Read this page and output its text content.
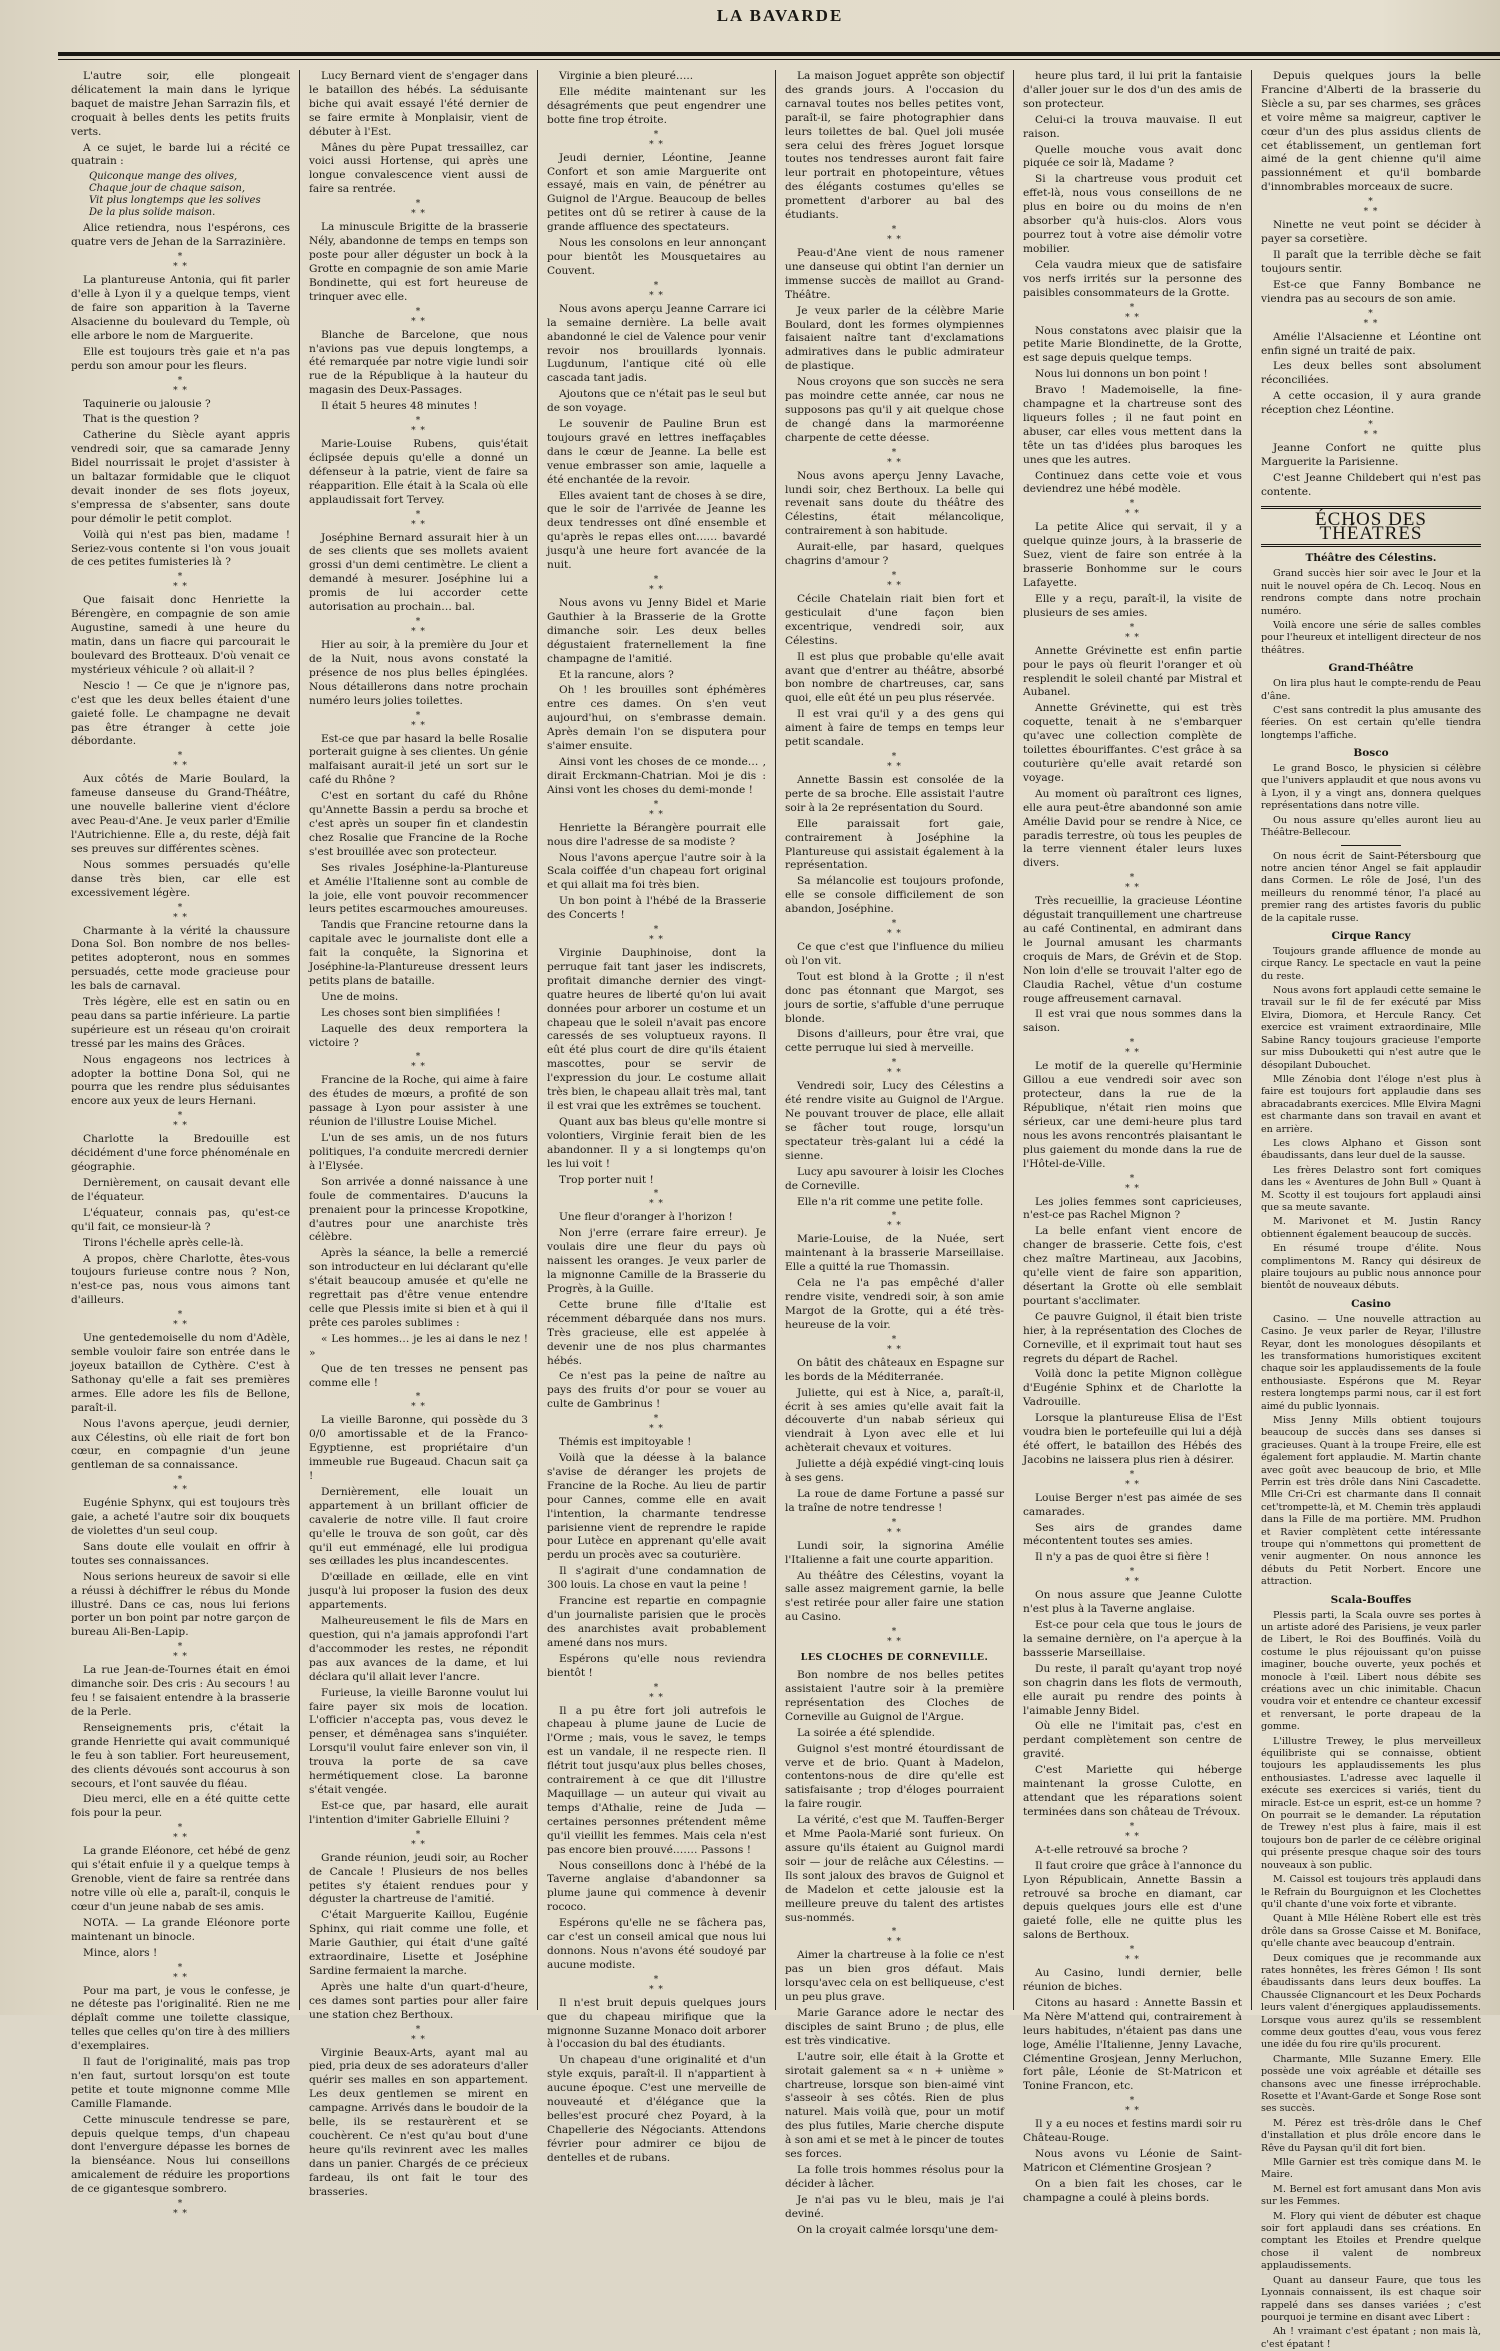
LA BAVARDE

L'autre soir, elle plongeait délicatement la main dans le lyrique baquet de maistre Jehan Sarrazin fils, et croquait à belles dents les petits fruits verts.

A ce sujet, le barde lui a récité ce quatrain :

Quiconque mange des olives,
Chaque jour de chaque saison,
Vit plus longtemps que les solives
De la plus solide maison.

Alice retiendra, nous l'espérons, ces quatre vers de Jehan de la Sarrazinière.

*
* *

La plantureuse Antonia, qui fit parler d'elle à Lyon il y a quelque temps, vient de faire son apparition à la Taverne Alsacienne du boulevard du Temple, où elle arbore le nom de Marguerite.

Elle est toujours très gaie et n'a pas perdu son amour pour les fleurs.

*
* *

Taquinerie ou jalousie ?

That is the question ?

Catherine du Siècle ayant appris vendredi soir, que sa camarade Jenny Bidel nourrissait le projet d'assister à un baltazar formidable que le cliquot devait inonder de ses flots joyeux, s'empressa de s'absenter, sans doute pour démolir le petit complot.

Voilà qui n'est pas bien, madame ! Seriez-vous contente si l'on vous jouait de ces petites fumisteries là ?

*
* *

Que faisait donc Henriette la Bérengère, en compagnie de son amie Augustine, samedi à une heure du matin, dans un fiacre qui parcourait le boulevard des Brotteaux. D'où venait ce mystérieux véhicule ? où allait-il ?

Nescio ! — Ce que je n'ignore pas, c'est que les deux belles étaient d'une gaieté folle. Le champagne ne devait pas être étranger à cette joie débordante.

*
* *

Aux côtés de Marie Boulard, la fameuse danseuse du Grand-Théâtre, une nouvelle ballerine vient d'éclore avec Peau-d'Ane. Je veux parler d'Emilie l'Autrichienne. Elle a, du reste, déjà fait ses preuves sur différentes scènes.

Nous sommes persuadés qu'elle danse très bien, car elle est excessivement légère.

*
* *

Charmante à la vérité la chaussure Dona Sol. Bon nombre de nos belles-petites adopteront, nous en sommes persuadés, cette mode gracieuse pour les bals de carnaval.

Très légère, elle est en satin ou en peau dans sa partie inférieure. La partie supérieure est un réseau qu'on croirait tressé par les mains des Grâces.

Nous engageons nos lectrices à adopter la bottine Dona Sol, qui ne pourra que les rendre plus séduisantes encore aux yeux de leurs Hernani.

*
* *

Charlotte la Bredouille est décidément d'une force phénoménale en géographie.

Dernièrement, on causait devant elle de l'équateur.

L'équateur, connais pas, qu'est-ce qu'il fait, ce monsieur-là ?

Tirons l'échelle après celle-là.

A propos, chère Charlotte, êtes-vous toujours furieuse contre nous ? Non, n'est-ce pas, nous vous aimons tant d'ailleurs.

*
* *

Une gentedemoiselle du nom d'Adèle, semble vouloir faire son entrée dans le joyeux bataillon de Cythère. C'est à Sathonay qu'elle a fait ses premières armes. Elle adore les fils de Bellone, paraît-il.

Nous l'avons aperçue, jeudi dernier, aux Célestins, où elle riait de fort bon cœur, en compagnie d'un jeune gentleman de sa connaissance.

*
* *

Eugénie Sphynx, qui est toujours très gaie, a acheté l'autre soir dix bouquets de violettes d'un seul coup.

Sans doute elle voulait en offrir à toutes ses connaissances.

Nous serions heureux de savoir si elle a réussi à déchiffrer le rébus du Monde illustré. Dans ce cas, nous lui ferions porter un bon point par notre garçon de bureau Ali-Ben-Lapip.

*
* *

La rue Jean-de-Tournes était en émoi dimanche soir. Des cris : Au secours ! au feu ! se faisaient entendre à la brasserie de la Perle.

Renseignements pris, c'était la grande Henriette qui avait communiqué le feu à son tablier. Fort heureusement, des clients dévoués sont accourus à son secours, et l'ont sauvée du fléau.

Dieu merci, elle en a été quitte cette fois pour la peur.

*
* *

La grande Eléonore, cet hébé de genz qui s'était enfuie il y a quelque temps à Grenoble, vient de faire sa rentrée dans notre ville où elle a, paraît-il, conquis le cœur d'un jeune nabab de ses amis.

NOTA. — La grande Eléonore porte maintenant un binocle.

Mince, alors !

*
* *

Pour ma part, je vous le confesse, je ne déteste pas l'originalité. Rien ne me déplaît comme une toilette classique, telles que celles qu'on tire à des milliers d'exemplaires.

Il faut de l'originalité, mais pas trop n'en faut, surtout lorsqu'on est toute petite et toute mignonne comme Mlle Camille Flamande.

Cette minuscule tendresse se pare, depuis quelque temps, d'un chapeau dont l'envergure dépasse les bornes de la bienséance. Nous lui conseillons amicalement de réduire les proportions de ce gigantesque sombrero.

*
* *

Lucy Bernard vient de s'engager dans le bataillon des hébés. La séduisante biche qui avait essayé l'été dernier de se faire ermite à Monplaisir, vient de débuter à l'Est.

Mânes du père Pupat tressaillez, car voici aussi Hortense, qui après une longue convalescence vient aussi de faire sa rentrée.

*
* *

La minuscule Brigitte de la brasserie Nély, abandonne de temps en temps son poste pour aller déguster un bock à la Grotte en compagnie de son amie Marie Bondinette, qui est fort heureuse de trinquer avec elle.

*
* *

Blanche de Barcelone, que nous n'avions pas vue depuis longtemps, a été remarquée par notre vigie lundi soir rue de la République à la hauteur du magasin des Deux-Passages.

Il était 5 heures 48 minutes !

*
* *

Marie-Louise Rubens, quis'était éclipsée depuis qu'elle a donné un défenseur à la patrie, vient de faire sa réapparition. Elle était à la Scala où elle applaudissait fort Tervey.

*
* *

Joséphine Bernard assurait hier à un de ses clients que ses mollets avaient grossi d'un demi centimètre. Le client a demandé à mesurer. Joséphine lui a promis de lui accorder cette autorisation au prochain… bal.

*
* *

Hier au soir, à la première du Jour et de la Nuit, nous avons constaté la présence de nos plus belles épinglées. Nous détaillerons dans notre prochain numéro leurs jolies toilettes.

*
* *

Est-ce que par hasard la belle Rosalie porterait guigne à ses clientes. Un génie malfaisant aurait-il jeté un sort sur le café du Rhône ?

C'est en sortant du café du Rhône qu'Annette Bassin a perdu sa broche et c'est après un souper fin et clandestin chez Rosalie que Francine de la Roche s'est brouillée avec son protecteur.

Ses rivales Joséphine-la-Plantureuse et Amélie l'Italienne sont au comble de la joie, elle vont pouvoir recommencer leurs petites escarmouches amoureuses.

Tandis que Francine retourne dans la capitale avec le journaliste dont elle a fait la conquête, la Signorina et Joséphine-la-Plantureuse dressent leurs petits plans de bataille.

Une de moins.

Les choses sont bien simplifiées !

Laquelle des deux remportera la victoire ?

*
* *

Francine de la Roche, qui aime à faire des études de mœurs, a profité de son passage à Lyon pour assister à une réunion de l'illustre Louise Michel.

L'un de ses amis, un de nos futurs politiques, l'a conduite mercredi dernier à l'Elysée.

Son arrivée a donné naissance à une foule de commentaires. D'aucuns la prenaient pour la princesse Kropotkine, d'autres pour une anarchiste très célèbre.

Après la séance, la belle a remercié son introducteur en lui déclarant qu'elle s'était beaucoup amusée et qu'elle ne regrettait pas d'être venue entendre celle que Plessis imite si bien et à qui il prête ces paroles sublimes :

« Les hommes… je les ai dans le nez ! »

Que de ten tresses ne pensent pas comme elle !

*
* *

La vieille Baronne, qui possède du 3 0/0 amortissable et de la Franco-Egyptienne, est propriétaire d'un immeuble rue Bugeaud. Chacun sait ça !

Dernièrement, elle louait un appartement à un brillant officier de cavalerie de notre ville. Il faut croire qu'elle le trouva de son goût, car dès qu'il eut emménagé, elle lui prodigua ses œillades les plus incandescentes.

D'œillade en œillade, elle en vint jusqu'à lui proposer la fusion des deux appartements.

Malheureusement le fils de Mars en question, qui n'a jamais approfondi l'art d'accommoder les restes, ne répondit pas aux avances de la dame, et lui déclara qu'il allait lever l'ancre.

Furieuse, la vieille Baronne voulut lui faire payer six mois de location. L'officier n'accepta pas, vous devez le penser, et démênagea sans s'inquiéter. Lorsqu'il voulut faire enlever son vin, il trouva la porte de sa cave hermétiquement close. La baronne s'était vengée.

Est-ce que, par hasard, elle aurait l'intention d'imiter Gabrielle Elluini ?

*
* *

Grande réunion, jeudi soir, au Rocher de Cancale ! Plusieurs de nos belles petites s'y étaient rendues pour y déguster la chartreuse de l'amitié.

C'était Marguerite Kaillou, Eugénie Sphinx, qui riait comme une folle, et Marie Gauthier, qui était d'une gaîté extraordinaire, Lisette et Joséphine Sardine fermaient la marche.

Après une halte d'un quart-d'heure, ces dames sont parties pour aller faire une station chez Berthoux.

*
* *

Virginie Beaux-Arts, ayant mal au pied, pria deux de ses adorateurs d'aller quérir ses malles en son appartement. Les deux gentlemen se mirent en campagne. Arrivés dans le boudoir de la belle, ils se restaurèrent et se couchèrent. Ce n'est qu'au bout d'une heure qu'ils revinrent avec les malles dans un panier. Chargés de ce précieux fardeau, ils ont fait le tour des brasseries.

Virginie a bien pleuré…..

Elle médite maintenant sur les désagréments que peut engendrer une botte fine trop étroite.

*
* *

Jeudi dernier, Léontine, Jeanne Confort et son amie Marguerite ont essayé, mais en vain, de pénétrer au Guignol de l'Argue. Beaucoup de belles petites ont dû se retirer à cause de la grande affluence des spectateurs.

Nous les consolons en leur annonçant pour bientôt les Mousquetaires au Couvent.

*
* *

Nous avons aperçu Jeanne Carrare ici la semaine dernière. La belle avait abandonné le ciel de Valence pour venir revoir nos brouillards lyonnais. Lugdunum, l'antique cité où elle cascada tant jadis.

Ajoutons que ce n'était pas le seul but de son voyage.

Le souvenir de Pauline Brun est toujours gravé en lettres ineffaçables dans le cœur de Jeanne. La belle est venue embrasser son amie, laquelle a été enchantée de la revoir.

Elles avaient tant de choses à se dire, que le soir de l'arrivée de Jeanne les deux tendresses ont dîné ensemble et qu'après le repas elles ont…… bavardé jusqu'à une heure fort avancée de la nuit.

*
* *

Nous avons vu Jenny Bidel et Marie Gauthier à la Brasserie de la Grotte dimanche soir. Les deux belles dégustaient fraternellement la fine champagne de l'amitié.

Et la rancune, alors ?

Oh ! les brouilles sont éphémères entre ces dames. On s'en veut aujourd'hui, on s'embrasse demain. Après demain l'on se disputera pour s'aimer ensuite.

Ainsi vont les choses de ce monde… , dirait Erckmann-Chatrian. Moi je dis : Ainsi vont les choses du demi-monde !

*
* *

Henriette la Bérangère pourrait elle nous dire l'adresse de sa modiste ?

Nous l'avons aperçue l'autre soir à la Scala coiffée d'un chapeau fort original et qui allait ma foi très bien.

Un bon point à l'hébé de la Brasserie des Concerts !

*
* *

Virginie Dauphinoise, dont la perruque fait tant jaser les indiscrets, profitait dimanche dernier des vingt-quatre heures de liberté qu'on lui avait données pour arborer un costume et un chapeau que le soleil n'avait pas encore caressés de ses voluptueux rayons. Il eût été plus court de dire qu'ils étaient mascottes, pour se servir de l'expression du jour. Le costume allait très bien, le chapeau allait très mal, tant il est vrai que les extrêmes se touchent.

Quant aux bas bleus qu'elle montre si volontiers, Virginie ferait bien de les abandonner. Il y a si longtemps qu'on les lui voit !

Trop porter nuit !

*
* *

Une fleur d'oranger à l'horizon !

Non j'erre (errare faire erreur). Je voulais dire une fleur du pays où naissent les oranges. Je veux parler de la mignonne Camille de la Brasserie du Progrès, à la Guille.

Cette brune fille d'Italie est récemment débarquée dans nos murs. Très gracieuse, elle est appelée à devenir une de nos plus charmantes hébés.

Ce n'est pas la peine de naître au pays des fruits d'or pour se vouer au culte de Gambrinus !

*
* *

Thémis est impitoyable !

Voilà que la déesse à la balance s'avise de déranger les projets de Francine de la Roche. Au lieu de partir pour Cannes, comme elle en avait l'intention, la charmante tendresse parisienne vient de reprendre le rapide pour Lutèce en apprenant qu'elle avait perdu un procès avec sa couturière.

Il s'agirait d'une condamnation de 300 louis. La chose en vaut la peine !

Francine est repartie en compagnie d'un journaliste parisien que le procès des anarchistes avait probablement amené dans nos murs.

Espérons qu'elle nous reviendra bientôt !

*
* *

Il a pu être fort joli autrefois le chapeau à plume jaune de Lucie de l'Orme ; mais, vous le savez, le temps est un vandale, il ne respecte rien. Il flétrit tout jusqu'aux plus belles choses, contrairement à ce que dit l'illustre Maquillage — un auteur qui vivait au temps d'Athalie, reine de Juda — certaines personnes prétendent même qu'il vieillit les femmes. Mais cela n'est pas encore bien prouvé.…… Passons !

Nous conseillons donc à l'hébé de la Taverne anglaise d'abandonner sa plume jaune qui commence à devenir rococo.

Espérons qu'elle ne se fâchera pas, car c'est un conseil amical que nous lui donnons. Nous n'avons été soudoyé par aucune modiste.

*
* *

Il n'est bruit depuis quelques jours que du chapeau mirifique que la mignonne Suzanne Monaco doit arborer à l'occasion du bal des étudiants.

Un chapeau d'une originalité et d'un style exquis, paraît-il. Il n'appartient à aucune époque. C'est une merveille de nouveauté et d'élégance que la belles'est procuré chez Poyard, à la Chapellerie des Négociants. Attendons février pour admirer ce bijou de dentelles et de rubans.

La maison Joguet apprête son objectif des grands jours. A l'occasion du carnaval toutes nos belles petites vont, paraît-il, se faire photographier dans leurs toilettes de bal. Quel joli musée sera celui des frères Joguet lorsque toutes nos tendresses auront fait faire leur portrait en photopeinture, vêtues des élégants costumes qu'elles se promettent d'arborer au bal des étudiants.

*
* *

Peau-d'Ane vient de nous ramener une danseuse qui obtint l'an dernier un immense succès de maillot au Grand-Théâtre.

Je veux parler de la célèbre Marie Boulard, dont les formes olympiennes faisaient naître tant d'exclamations admiratives dans le public admirateur de plastique.

Nous croyons que son succès ne sera pas moindre cette année, car nous ne supposons pas qu'il y ait quelque chose de changé dans la marmoréenne charpente de cette déesse.

*
* *

Nous avons aperçu Jenny Lavache, lundi soir, chez Berthoux. La belle qui revenait sans doute du théâtre des Célestins, était mélancolique, contrairement à son habitude.

Aurait-elle, par hasard, quelques chagrins d'amour ?

*
* *

Cécile Chatelain riait bien fort et gesticulait d'une façon bien excentrique, vendredi soir, aux Célestins.

Il est plus que probable qu'elle avait avant que d'entrer au théâtre, absorbé bon nombre de chartreuses, car, sans quoi, elle eût été un peu plus réservée.

Il est vrai qu'il y a des gens qui aiment à faire de temps en temps leur petit scandale.

*
* *

Annette Bassin est consolée de la perte de sa broche. Elle assistait l'autre soir à la 2e représentation du Sourd.

Elle paraissait fort gaie, contrairement à Joséphine la Plantureuse qui assistait également à la représentation.

Sa mélancolie est toujours profonde, elle se console difficilement de son abandon, Joséphine.

*
* *

Ce que c'est que l'influence du milieu où l'on vit.

Tout est blond à la Grotte ; il n'est donc pas étonnant que Margot, ses jours de sortie, s'affuble d'une perruque blonde.

Disons d'ailleurs, pour être vrai, que cette perruque lui sied à merveille.

*
* *

Vendredi soir, Lucy des Célestins a été rendre visite au Guignol de l'Argue. Ne pouvant trouver de place, elle allait se fâcher tout rouge, lorsqu'un spectateur très-galant lui a cédé la sienne.

Lucy apu savourer à loisir les Cloches de Corneville.

Elle n'a rit comme une petite folle.

*
* *

Marie-Louise, de la Nuée, sert maintenant à la brasserie Marseillaise. Elle a quitté la rue Thomassin.

Cela ne l'a pas empêché d'aller rendre visite, vendredi soir, à son amie Margot de la Grotte, qui a été très-heureuse de la voir.

*
* *

On bâtit des châteaux en Espagne sur les bords de la Méditerranée.

Juliette, qui est à Nice, a, paraît-il, écrit à ses amies qu'elle avait fait la découverte d'un nabab sérieux qui viendrait à Lyon avec elle et lui achèterait chevaux et voitures.

Juliette a déjà expédié vingt-cinq louis à ses gens.

La roue de dame Fortune a passé sur la traîne de notre tendresse !

*
* *

Lundi soir, la signorina Amélie l'Italienne a fait une courte apparition.

Au théâtre des Célestins, voyant la salle assez maigrement garnie, la belle s'est retirée pour aller faire une station au Casino.

*
* *
LES CLOCHES DE CORNEVILLE.

Bon nombre de nos belles petites assistaient l'autre soir à la première représentation des Cloches de Corneville au Guignol de l'Argue.

La soirée a été splendide.

Guignol s'est montré étourdissant de verve et de brio. Quant à Madelon, contentons-nous de dire qu'elle est satisfaisante ; trop d'éloges pourraient la faire rougir.

La vérité, c'est que M. Tauffen-Berger et Mme Paola-Marié sont furieux. On assure qu'ils étaient au Guignol mardi soir — jour de relâche aux Célestins. — Ils sont jaloux des bravos de Guignol et de Madelon et cette jalousie est la meilleure preuve du talent des artistes sus-nommés.

*
* *

Aimer la chartreuse à la folie ce n'est pas un bien gros défaut. Mais lorsqu'avec cela on est belliqueuse, c'est un peu plus grave.

Marie Garance adore le nectar des disciples de saint Bruno ; de plus, elle est très vindicative.

L'autre soir, elle était à la Grotte et sirotait galement sa « n + unième » chartreuse, lorsque son bien-aimé vint s'asseoir à ses côtés. Rien de plus naturel. Mais voilà que, pour un motif des plus futiles, Marie cherche dispute à son ami et se met à le pincer de toutes ses forces.

La folle trois hommes résolus pour la décider à lâcher.

Je n'ai pas vu le bleu, mais je l'ai deviné.

On la croyait calmée lorsqu'une dem-

heure plus tard, il lui prit la fantaisie d'aller jouer sur le dos d'un des amis de son protecteur.

Celui-ci la trouva mauvaise. Il eut raison.

Quelle mouche vous avait donc piquée ce soir là, Madame ?

Si la chartreuse vous produit cet effet-là, nous vous conseillons de ne plus en boire ou du moins de n'en absorber qu'à huis-clos. Alors vous pourrez tout à votre aise démolir votre mobilier.

Cela vaudra mieux que de satisfaire vos nerfs irrités sur la personne des paisibles consommateurs de la Grotte.

*
* *

Nous constatons avec plaisir que la petite Marie Blondinette, de la Grotte, est sage depuis quelque temps.

Nous lui donnons un bon point !

Bravo ! Mademoiselle, la fine-champagne et la chartreuse sont des liqueurs folles ; il ne faut point en abuser, car elles vous mettent dans la tête un tas d'idées plus baroques les unes que les autres.

Continuez dans cette voie et vous deviendrez une hébé modèle.

*
* *

La petite Alice qui servait, il y a quelque quinze jours, à la brasserie de Suez, vient de faire son entrée à la brasserie Bonhomme sur le cours Lafayette.

Elle y a reçu, paraît-il, la visite de plusieurs de ses amies.

*
* *

Annette Grévinette est enfin partie pour le pays où fleurit l'oranger et où resplendit le soleil chanté par Mistral et Aubanel.

Annette Grévinette, qui est très coquette, tenait à ne s'embarquer qu'avec une collection complète de toilettes ébouriffantes. C'est grâce à sa couturière qu'elle avait retardé son voyage.

Au moment où paraîtront ces lignes, elle aura peut-être abandonné son amie Amélie David pour se rendre à Nice, ce paradis terrestre, où tous les peuples de la terre viennent étaler leurs luxes divers.

*
* *

Très recueillie, la gracieuse Léontine dégustait tranquillement une chartreuse au café Continental, en admirant dans le Journal amusant les charmants croquis de Mars, de Grévin et de Stop. Non loin d'elle se trouvait l'alter ego de Claudia Rachel, vêtue d'un costume rouge affreusement carnaval.

Il est vrai que nous sommes dans la saison.

*
* *

Le motif de la querelle qu'Herminie Gillou a eue vendredi soir avec son protecteur, dans la rue de la République, n'était rien moins que sérieux, car une demi-heure plus tard nous les avons rencontrés plaisantant le plus gaiement du monde dans la rue de l'Hôtel-de-Ville.

*
* *

Les jolies femmes sont capricieuses, n'est-ce pas Rachel Mignon ?

La belle enfant vient encore de changer de brasserie. Cette fois, c'est chez maître Martineau, aux Jacobins, qu'elle vient de faire son apparition, désertant la Grotte où elle semblait pourtant s'acclimater.

Ce pauvre Guignol, il était bien triste hier, à la représentation des Cloches de Corneville, et il exprimait tout haut ses regrets du départ de Rachel.

Voilà donc la petite Mignon collègue d'Eugénie Sphinx et de Charlotte la Vadrouille.

Lorsque la plantureuse Elisa de l'Est voudra bien le portefeuille qui lui a déjà été offert, le bataillon des Hébés des Jacobins ne laissera plus rien à désirer.

*
* *

Louise Berger n'est pas aimée de ses camarades.

Ses airs de grandes dame mécontentent toutes ses amies.

Il n'y a pas de quoi être si fière !

*
* *

On nous assure que Jeanne Culotte n'est plus à la Taverne anglaise.

Est-ce pour cela que tous le jours de la semaine dernière, on l'a aperçue à la bassserie Marseillaise.

Du reste, il paraît qu'ayant trop noyé son chagrin dans les flots de vermouth, elle aurait pu rendre des points à l'aimable Jenny Bidel.

Où elle ne l'imitait pas, c'est en perdant complètement son centre de gravité.

C'est Mariette qui héberge maintenant la grosse Culotte, en attendant que les réparations soient terminées dans son château de Trévoux.

*
* *

A-t-elle retrouvé sa broche ?

Il faut croire que grâce à l'annonce du Lyon Républicain, Annette Bassin a retrouvé sa broche en diamant, car depuis quelques jours elle est d'une gaieté folle, elle ne quitte plus les salons de Berthoux.

*
* *

Au Casino, lundi dernier, belle réunion de biches.

Citons au hasard : Annette Bassin et Ma Nère M'attend qui, contrairement à leurs habitudes, n'étaient pas dans une loge, Amélie l'Italienne, Jenny Lavache, Clémentine Grosjean, Jenny Merluchon, fort pâle, Léonie de St-Matricon et Tonine Francon, etc.

*
* *

Il y a eu noces et festins mardi soir ru Château-Rouge.

Nous avons vu Léonie de Saint-Matricon et Clémentine Grosjean ?

On a bien fait les choses, car le champagne a coulé à pleins bords.

Depuis quelques jours la belle Francine d'Alberti de la brasserie du Siècle a su, par ses charmes, ses grâces et voire même sa maigreur, captiver le cœur d'un des plus assidus clients de cet établissement, un gentleman fort aimé de la gent chienne qu'il aime passionnément et qu'il bombarde d'innombrables morceaux de sucre.

*
* *

Ninette ne veut point se décider à payer sa corsetière.

Il paraît que la terrible dèche se fait toujours sentir.

Est-ce que Fanny Bombance ne viendra pas au secours de son amie.

*
* *

Amélie l'Alsacienne et Léontine ont enfin signé un traité de paix.

Les deux belles sont absolument réconciliées.

A cette occasion, il y aura grande réception chez Léontine.

*
* *

Jeanne Confort ne quitte plus Marguerite la Parisienne.

C'est Jeanne Childebert qui n'est pas contente.

ÉCHOS DES THÉATRES
Théâtre des Célestins.

Grand succès hier soir avec le Jour et la nuit le nouvel opéra de Ch. Lecoq. Nous en rendrons compte dans notre prochain numéro.

Voilà encore une série de salles combles pour l'heureux et intelligent directeur de nos théâtres.

Grand-Théâtre

On lira plus haut le compte-rendu de Peau d'âne.

C'est sans contredit la plus amusante des féeries. On est certain qu'elle tiendra longtemps l'affiche.

Bosco

Le grand Bosco, le physicien si célèbre que l'univers applaudit et que nous avons vu à Lyon, il y a vingt ans, donnera quelques représentations dans notre ville.

Ou nous assure qu'elles auront lieu au Théâtre-Bellecour.

On nous écrit de Saint-Pétersbourg que notre ancien ténor Angel se fait applaudir dans Cormen. Le rôle de José, l'un des meilleurs du renommé ténor, l'a placé au premier rang des artistes favoris du public de la capitale russe.

Cirque Rancy

Toujours grande affluence de monde au cirque Rancy. Le spectacle en vaut la peine du reste.

Nous avons fort applaudi cette semaine le travail sur le fil de fer exécuté par Miss Elvira, Diomora, et Hercule Rancy. Cet exercice est vraiment extraordinaire, Mlle Sabine Rancy toujours gracieuse l'emporte sur miss Dubouketti qui n'est autre que le désopilant Dubouchet.

Mlle Zénobia dont l'éloge n'est plus à faire est toujours fort applaudie dans ses abracadabrants exercices. Mlle Elvira Magni est charmante dans son travail en avant et en arrière.

Les clows Alphano et Gisson sont ébaudissants, dans leur duel de la sausse.

Les frères Delastro sont fort comiques dans les « Aventures de John Bull » Quant à M. Scotty il est toujours fort applaudi ainsi que sa meute savante.

M. Marivonet et M. Justin Rancy obtiennent également beaucoup de succès.

En résumé troupe d'élite. Nous complimentons M. Rancy qui désireux de plaire toujours au public nous annonce pour bientôt de nouveaux débuts.

Casino

Casino. — Une nouvelle attraction au Casino. Je veux parler de Reyar, l'illustre Reyar, dont les monologues désopilants et les transformations humoristiques excitent chaque soir les applaudissements de la foule enthousiaste. Espérons que M. Reyar restera longtemps parmi nous, car il est fort aimé du public lyonnais.

Miss Jenny Mills obtient toujours beaucoup de succès dans ses danses si gracieuses. Quant à la troupe Freire, elle est également fort applaudie. M. Martin chante avec goût avec beaucoup de brio, et Mlle Perrin est très drôle dans Nini Cascadette. Mlle Cri-Cri est charmante dans Il connait cet'trompette-là, et M. Chemin très applaudi dans la Fille de ma portière. MM. Prudhon et Ravier complètent cette intéressante troupe qui n'ommettons qui promettent de venir augmenter. On nous annonce les débuts du Petit Norbert. Encore une attraction.

Scala-Bouffes

Plessis parti, la Scala ouvre ses portes à un artiste adoré des Parisiens, je veux parler de Libert, le Roi des Bouffinés. Voilà du costume le plus réjouissant qu'on puisse imaginer, bouche ouverte, yeux pochés et monocle à l'œil. Libert nous débite ses créations avec un chic inimitable. Chacun voudra voir et entendre ce chanteur excessif et renversant, le porte drapeau de la gomme.

L'illustre Trewey, le plus merveilleux équilibriste qui se connaisse, obtient toujours les applaudissements les plus enthousiastes. L'adresse avec laquelle il exécute ses exercices si variés, tient du miracle. Est-ce un esprit, est-ce un homme ? On pourrait se le demander. La réputation de Trewey n'est plus à faire, mais il est toujours bon de parler de ce célèbre original qui présente presque chaque soir des tours nouveaux à son public.

M. Caissol est toujours très applaudi dans le Refrain du Bourguignon et les Clochettes qu'il chante d'une voix forte et vibrante.

Quant à Mlle Hélène Robert elle est très drôle dans sa Grosse Caisse et M. Boniface, qu'elle chante avec beaucoup d'entrain.

Deux comiques que je recommande aux rates honnêtes, les frères Gémon ! Ils sont ébaudissants dans leurs deux bouffes. La Chaussée Clignancourt et les Deux Pochards leurs valent d'énergiques applaudissements. Lorsque vous aurez qu'ils se ressemblent comme deux gouttes d'eau, vous vous ferez une idée du fou rire qu'ils procurent.

Charmante, Mlle Suzanne Emery. Elle possède une voix agréable et détaille ses chansons avec une finesse irréprochable. Rosette et l'Avant-Garde et Songe Rose sont ses succès.

M. Pérez est très-drôle dans le Chef d'installation et plus drôle encore dans le Rêve du Paysan qu'il dit fort bien.

Mlle Garnier est très comique dans M. le Maire.

M. Bernel est fort amusant dans Mon avis sur les Femmes.

M. Flory qui vient de débuter est chaque soir fort applaudi dans ses créations. En comptant les Etoiles et Prendre quelque chose il valent de nombreux applaudissements.

Quant au danseur Faure, que tous les Lyonnais connaissent, ils est chaque soir rappelé dans ses danses variées ; c'est pourquoi je termine en disant avec Libert :

Ah ! vraimant c'est épatant ; non mais là, c'est épatant !
